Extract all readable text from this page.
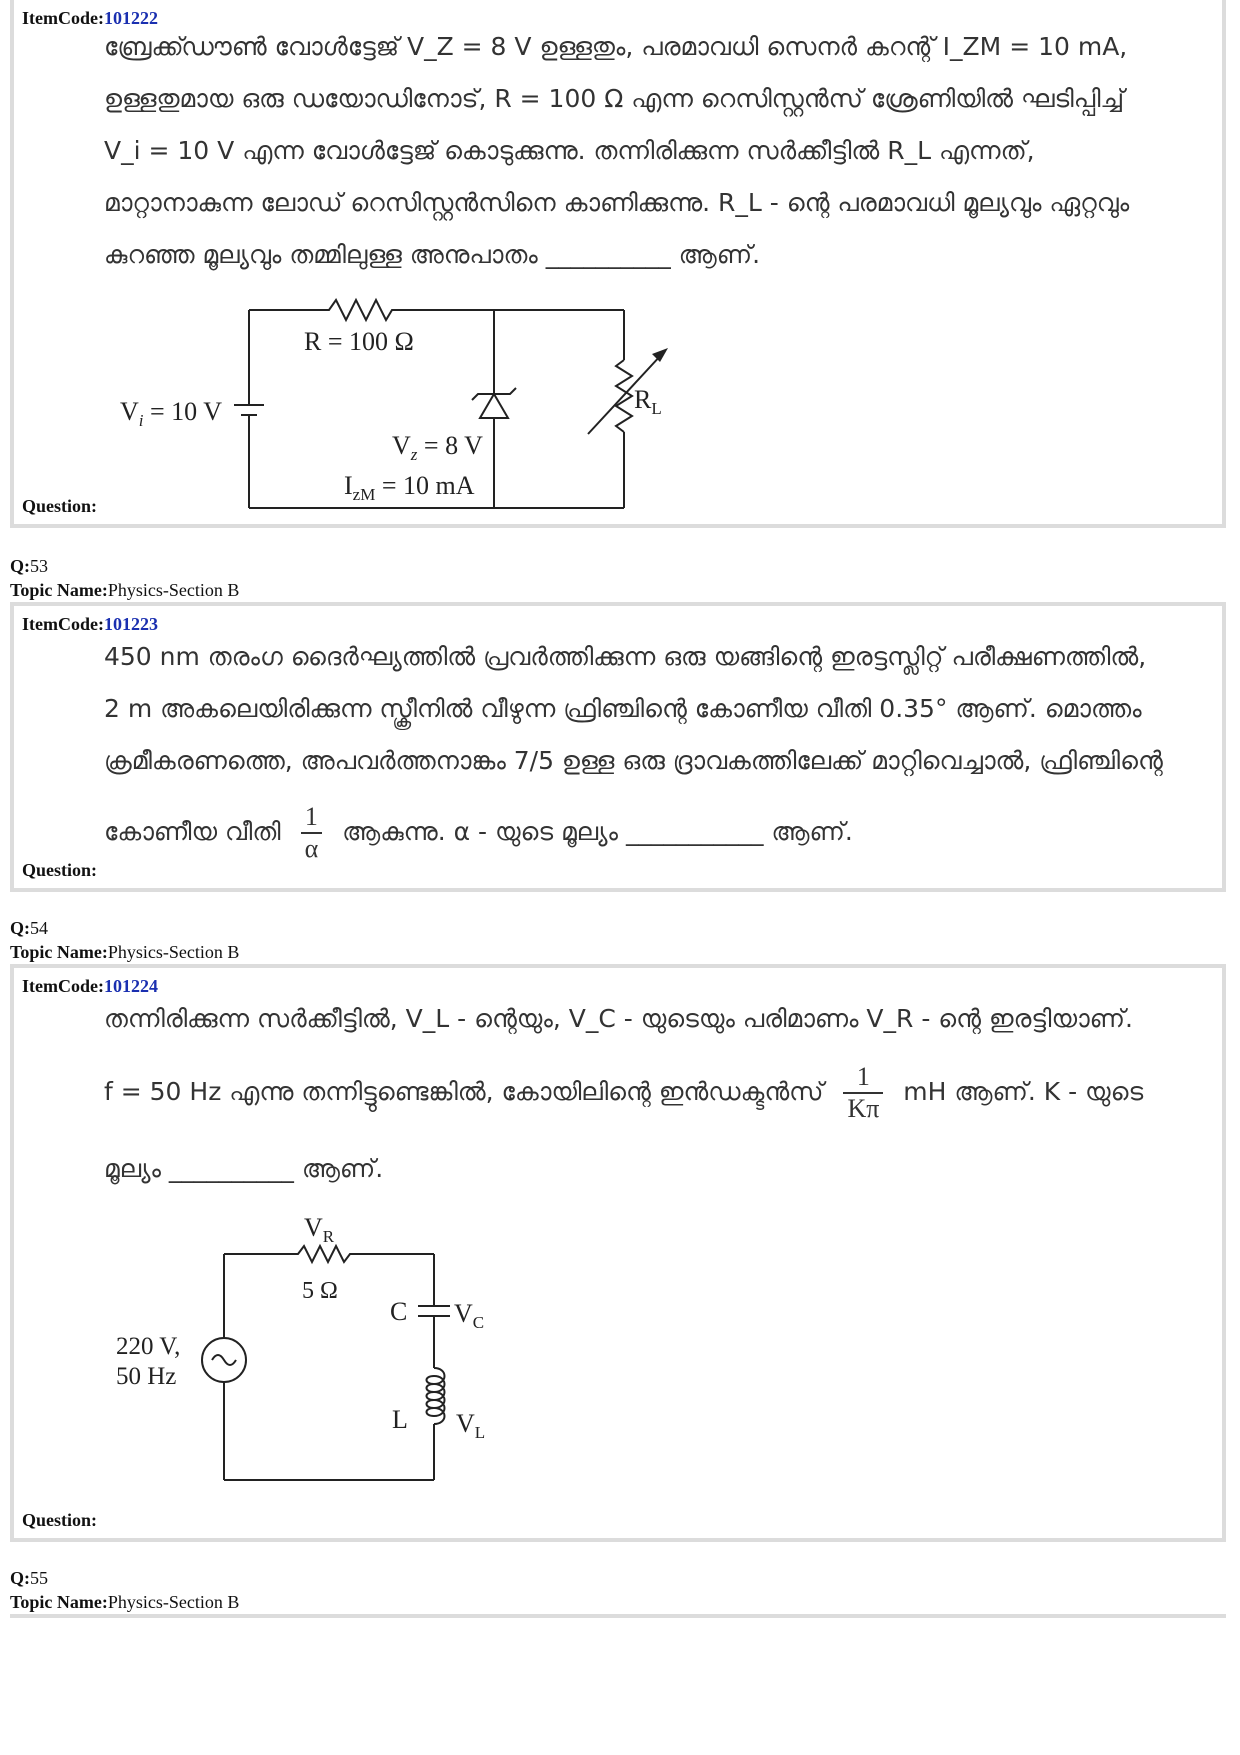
ItemCode:101222
ബ്രേക്ക്ഡൗൺ വോൾട്ടേജ് V_Z = 8 V ഉള്ളതും, പരമാവധി സെനർ കറന്റ് I_ZM = 10 mA,
ഉള്ളതുമായ ഒരു ഡയോഡിനോട്, R = 100 Ω എന്ന റെസിസ്റ്റൻസ് ശ്രേണിയിൽ ഘടിപ്പിച്ച്
V_i = 10 V എന്ന വോൾട്ടേജ് കൊടുക്കുന്നു. തന്നിരിക്കുന്ന സർക്കീട്ടിൽ R_L എന്നത്,
മാറ്റാനാകുന്ന ലോഡ് റെസിസ്റ്റൻസിനെ കാണിക്കുന്നു. R_L - ന്റെ പരമാവധി മൂല്യവും ഏറ്റവും
കുറഞ്ഞ മൂല്യവും തമ്മിലുള്ള അനുപാതം __________ ആണ്.
R = 100 Ω
$V_i = 10$ V
$V_z = 8$ V
$I_{zM} = 10$ mA
$R_L$
Question:
Q:53
Topic Name:Physics-Section B
ItemCode:101223
450 nm തരംഗ ദൈർഘ്യത്തിൽ പ്രവർത്തിക്കുന്ന ഒരു യങ്ങിന്റെ ഇരട്ടസ്ലിറ്റ് പരീക്ഷണത്തിൽ,
2 m അകലെയിരിക്കുന്ന സ്ക്രീനിൽ വീഴുന്ന ഫ്രിഞ്ചിന്റെ കോണീയ വീതി 0.35° ആണ്. മൊത്തം
ക്രമീകരണത്തെ, അപവർത്തനാങ്കം 7/5 ഉള്ള ഒരു ദ്രാവകത്തിലേക്ക് മാറ്റിവെച്ചാൽ, ഫ്രിഞ്ചിന്റെ
കോണീയ വീതി $\frac{1}{\alpha}$ ആകുന്നു. α - യുടെ മൂല്യം ___________ ആണ്.
Question:
Q:54
Topic Name:Physics-Section B
ItemCode:101224
തന്നിരിക്കുന്ന സർക്കീട്ടിൽ, V_L - ന്റെയും, V_C - യുടെയും പരിമാണം V_R - ന്റെ ഇരട്ടിയാണ്.
f = 50 Hz എന്നു തന്നിട്ടുണ്ടെങ്കിൽ, കോയിലിന്റെ ഇൻഡക്ടൻസ് $\frac{1}{K\pi}$ mH ആണ്. K - യുടെ
മൂല്യം __________ ആണ്.
220 V,
50 Hz
$V_R$
5 Ω
C $V_C$
L $V_L$
Question:
Q:55
Topic Name:Physics-Section B
